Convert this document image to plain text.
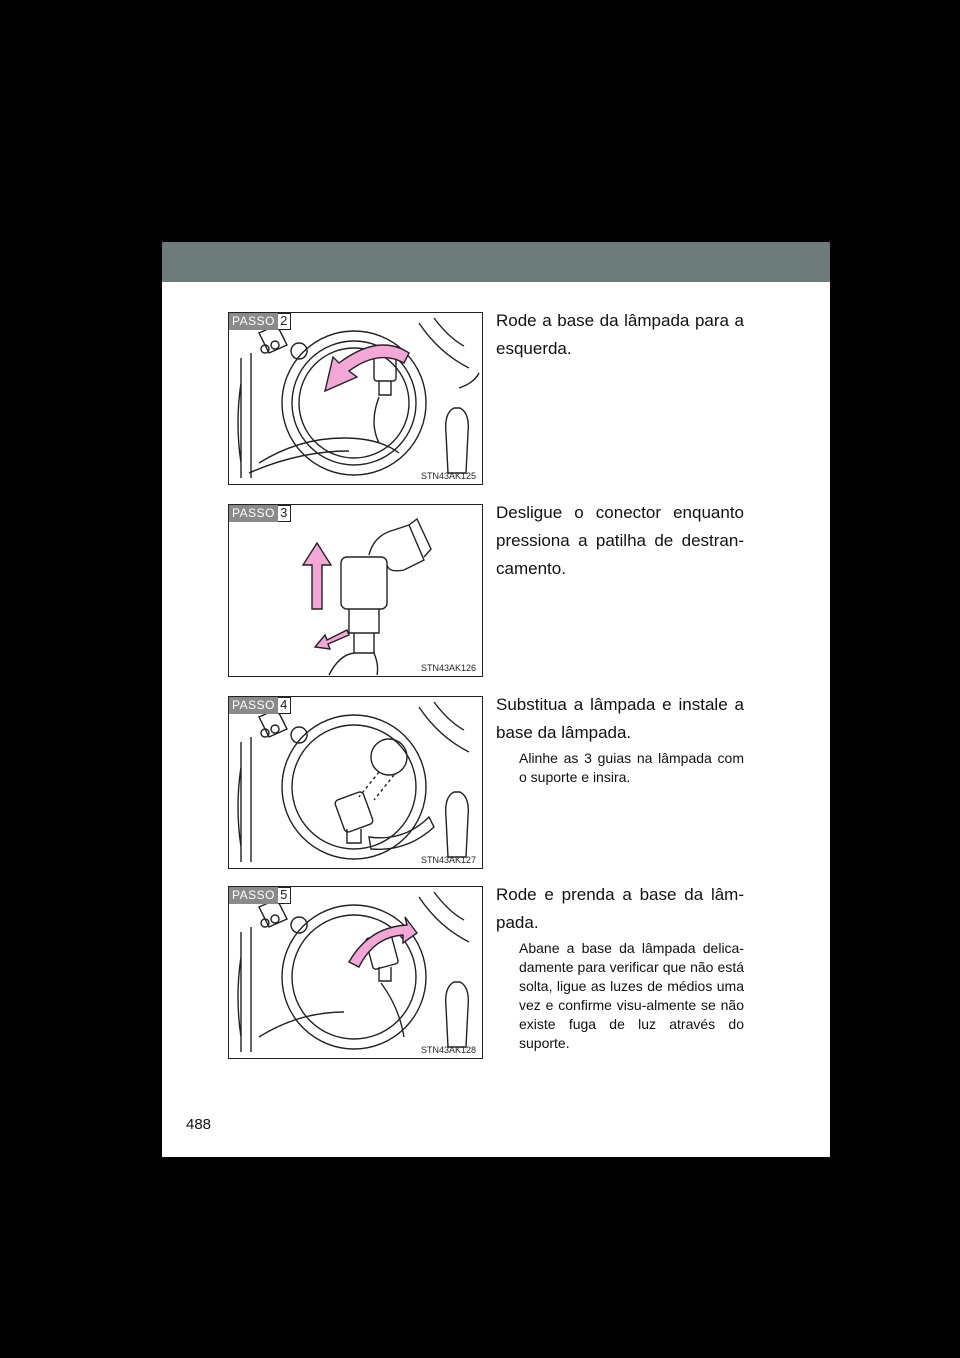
PASSO 2
STN43AK125
Rode a base da lâmpada para a esquerda.
PASSO 3
STN43AK126
Desligue o conector enquanto pressiona a patilha de destran-camento.
PASSO 4
STN43AK127
Substitua a lâmpada e instale a base da lâmpada.
Alinhe as 3 guias na lâmpada com o suporte e insira.
PASSO 5
STN43AK128
Rode e prenda a base da lâm-pada.
Abane a base da lâmpada delica-damente para verificar que não está solta, ligue as luzes de médios uma vez e confirme visu-almente se não existe fuga de luz através do suporte.
488
